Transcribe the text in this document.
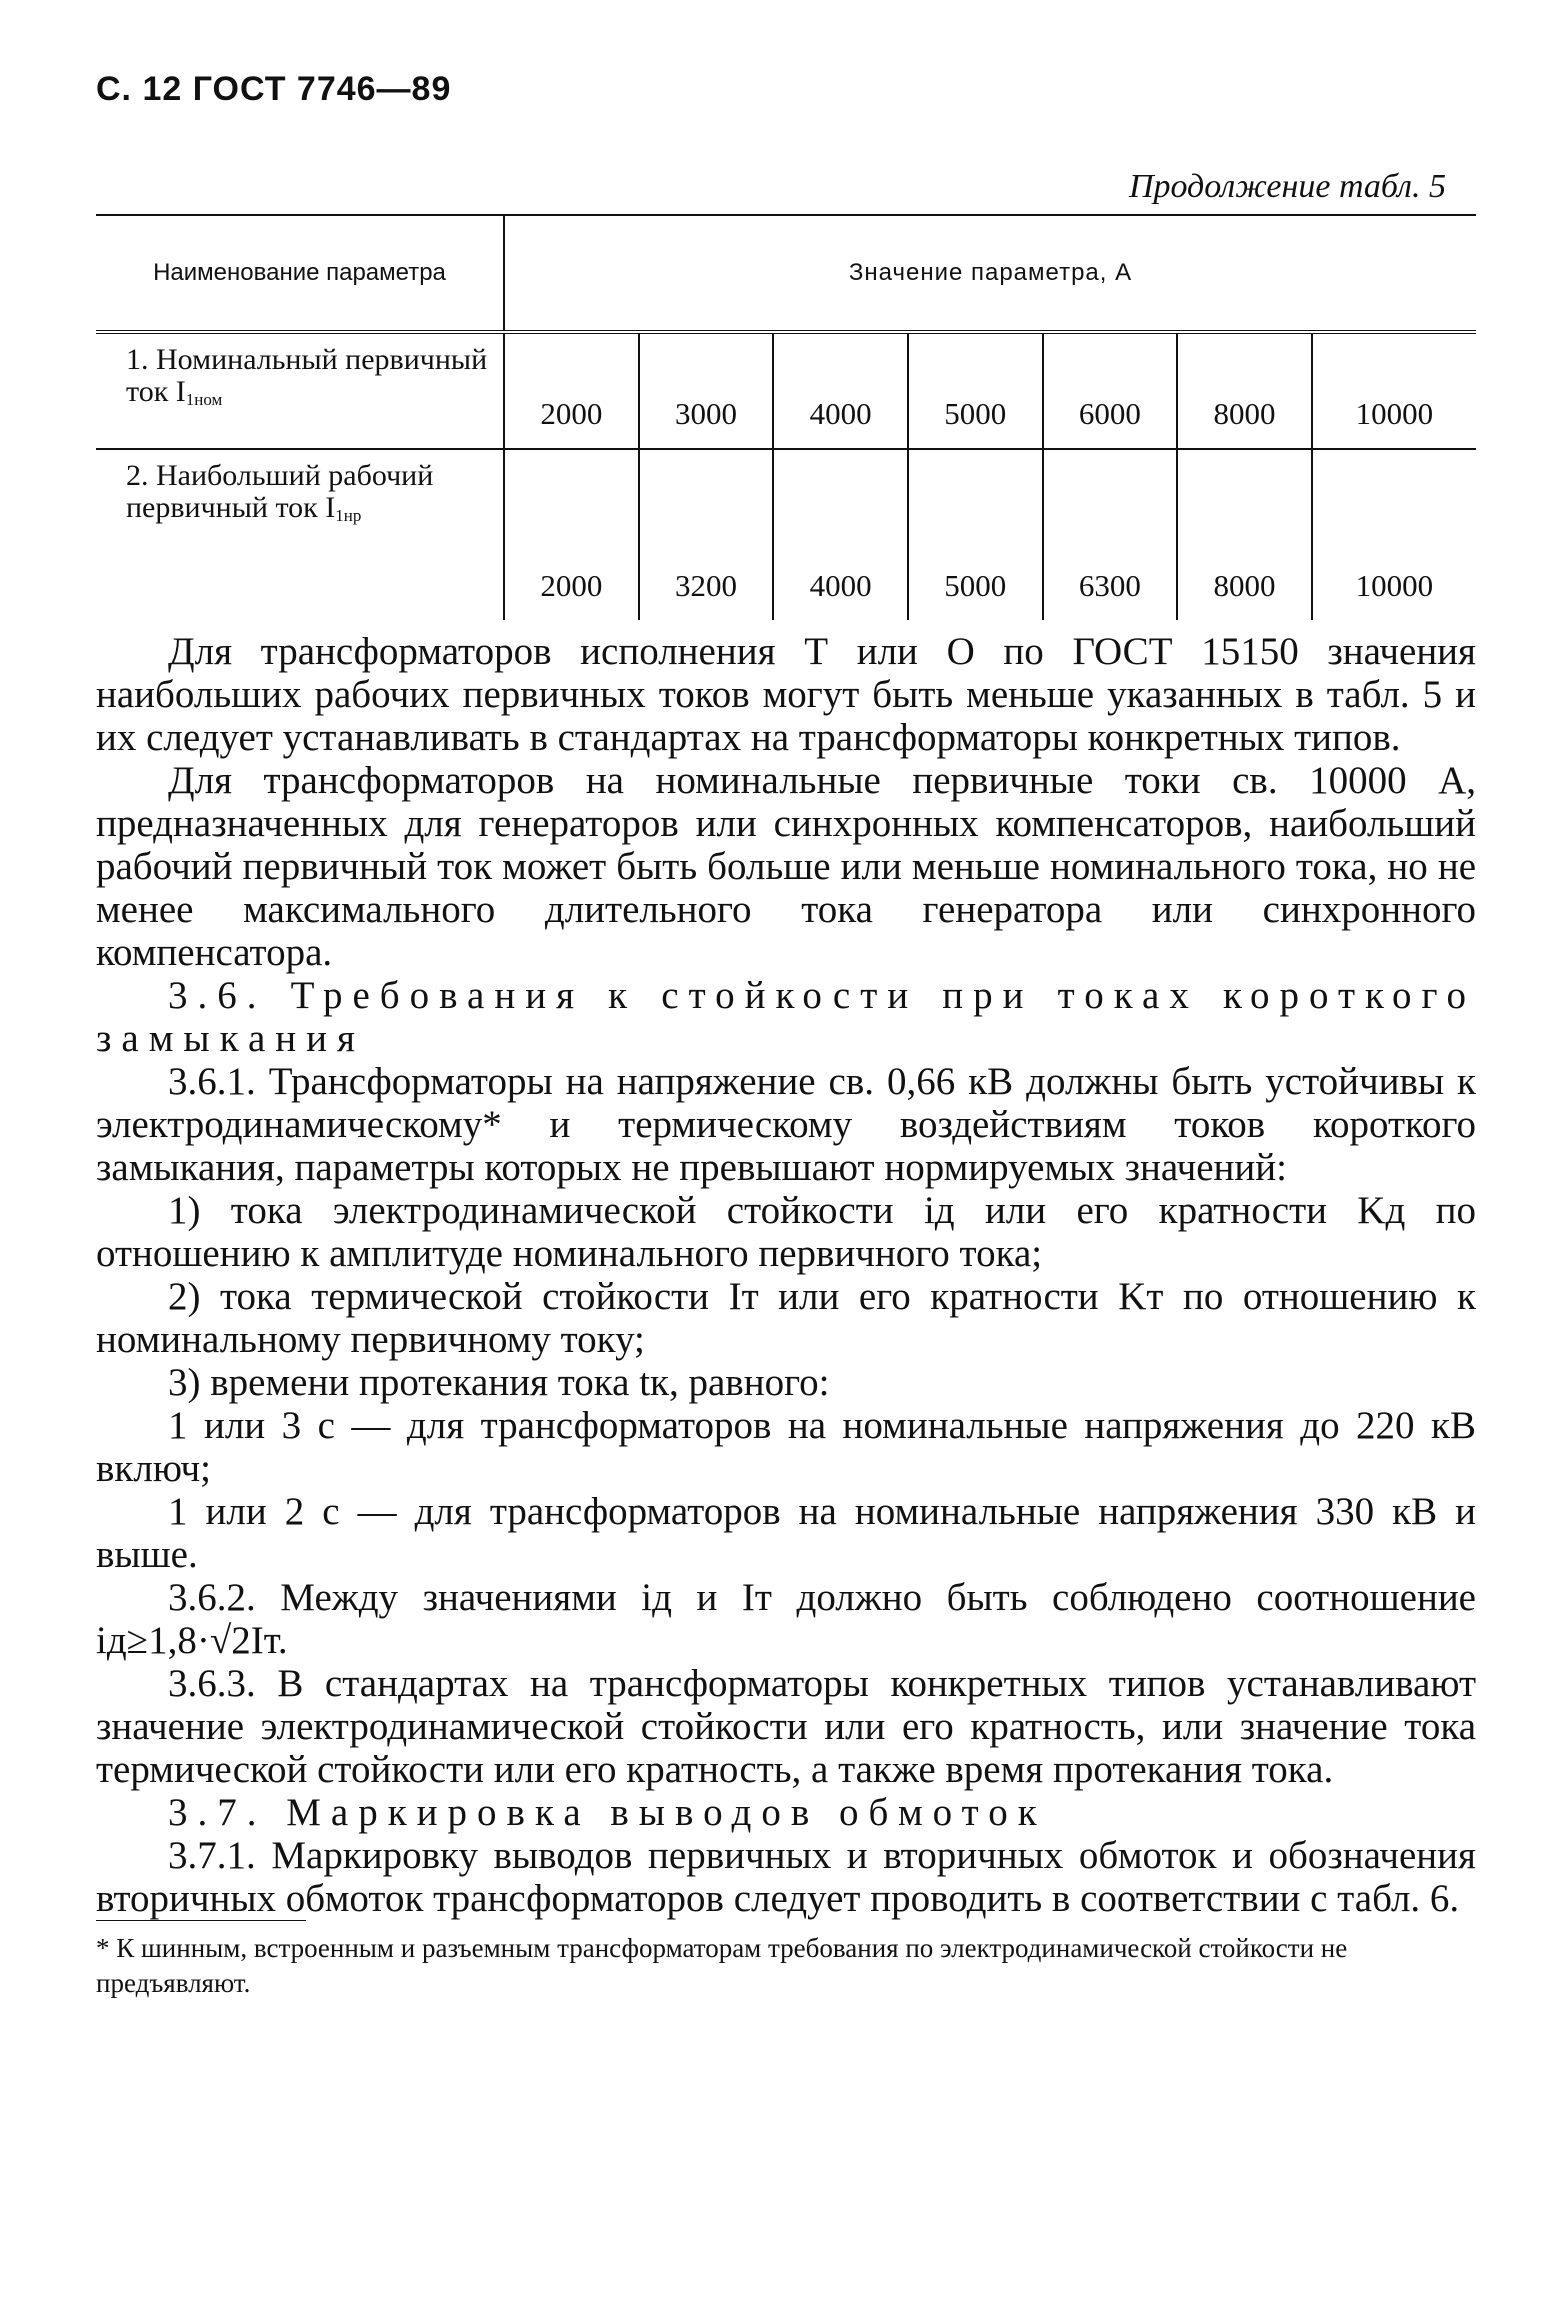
С. 12 ГОСТ 7746—89
Продолжение табл. 5
Наименование параметра	Значение параметра, А						
1. Номинальный первичный ток $I_{1ном}$	2000	3000	4000	5000	6000	8000	10000
2. Наибольший рабочий первичный ток $I_{1нр}$	2000	3200	4000	5000	6300	8000	10000

Для трансформаторов исполнения Т или О по ГОСТ 15150 значения наибольших рабочих первичных токов могут быть меньше указанных в табл. 5 и их следует устанавливать в стандартах на трансформаторы конкретных типов.

Для трансформаторов на номинальные первичные токи св. 10000 А, предназначенных для генераторов или синхронных компенсаторов, наибольший рабочий первичный ток может быть больше или меньше номинального тока, но не менее максимального длительного тока генератора или синхронного компенсатора.

3.6. Требования к стойкости при токах короткого замыкания

3.6.1. Трансформаторы на напряжение св. 0,66 кВ должны быть устойчивы к электродинамическому* и термическому воздействиям токов короткого замыкания, параметры которых не превышают нормируемых значений:

1) тока электродинамической стойкости iд или его кратности Kд по отношению к амплитуде номинального первичного тока;

2) тока термической стойкости Iт или его кратности Kт по отношению к номинальному первичному току;

3) времени протекания тока tк, равного:

1 или 3 с — для трансформаторов на номинальные напряжения до 220 кВ включ;

1 или 2 с — для трансформаторов на номинальные напряжения 330 кВ и выше.

3.6.2. Между значениями iд и Iт должно быть соблюдено соотношение iд≥1,8·√2Iт.

3.6.3. В стандартах на трансформаторы конкретных типов устанавливают значение электродинамической стойкости или его кратность, или значение тока термической стойкости или его кратность, а также время протекания тока.

3.7. Маркировка выводов обмоток

3.7.1. Маркировку выводов первичных и вторичных обмоток и обозначения вторичных обмоток трансформаторов следует проводить в соответствии с табл. 6.

* К шинным, встроенным и разъемным трансформаторам требования по электродинамической стойкости не предъявляют.
